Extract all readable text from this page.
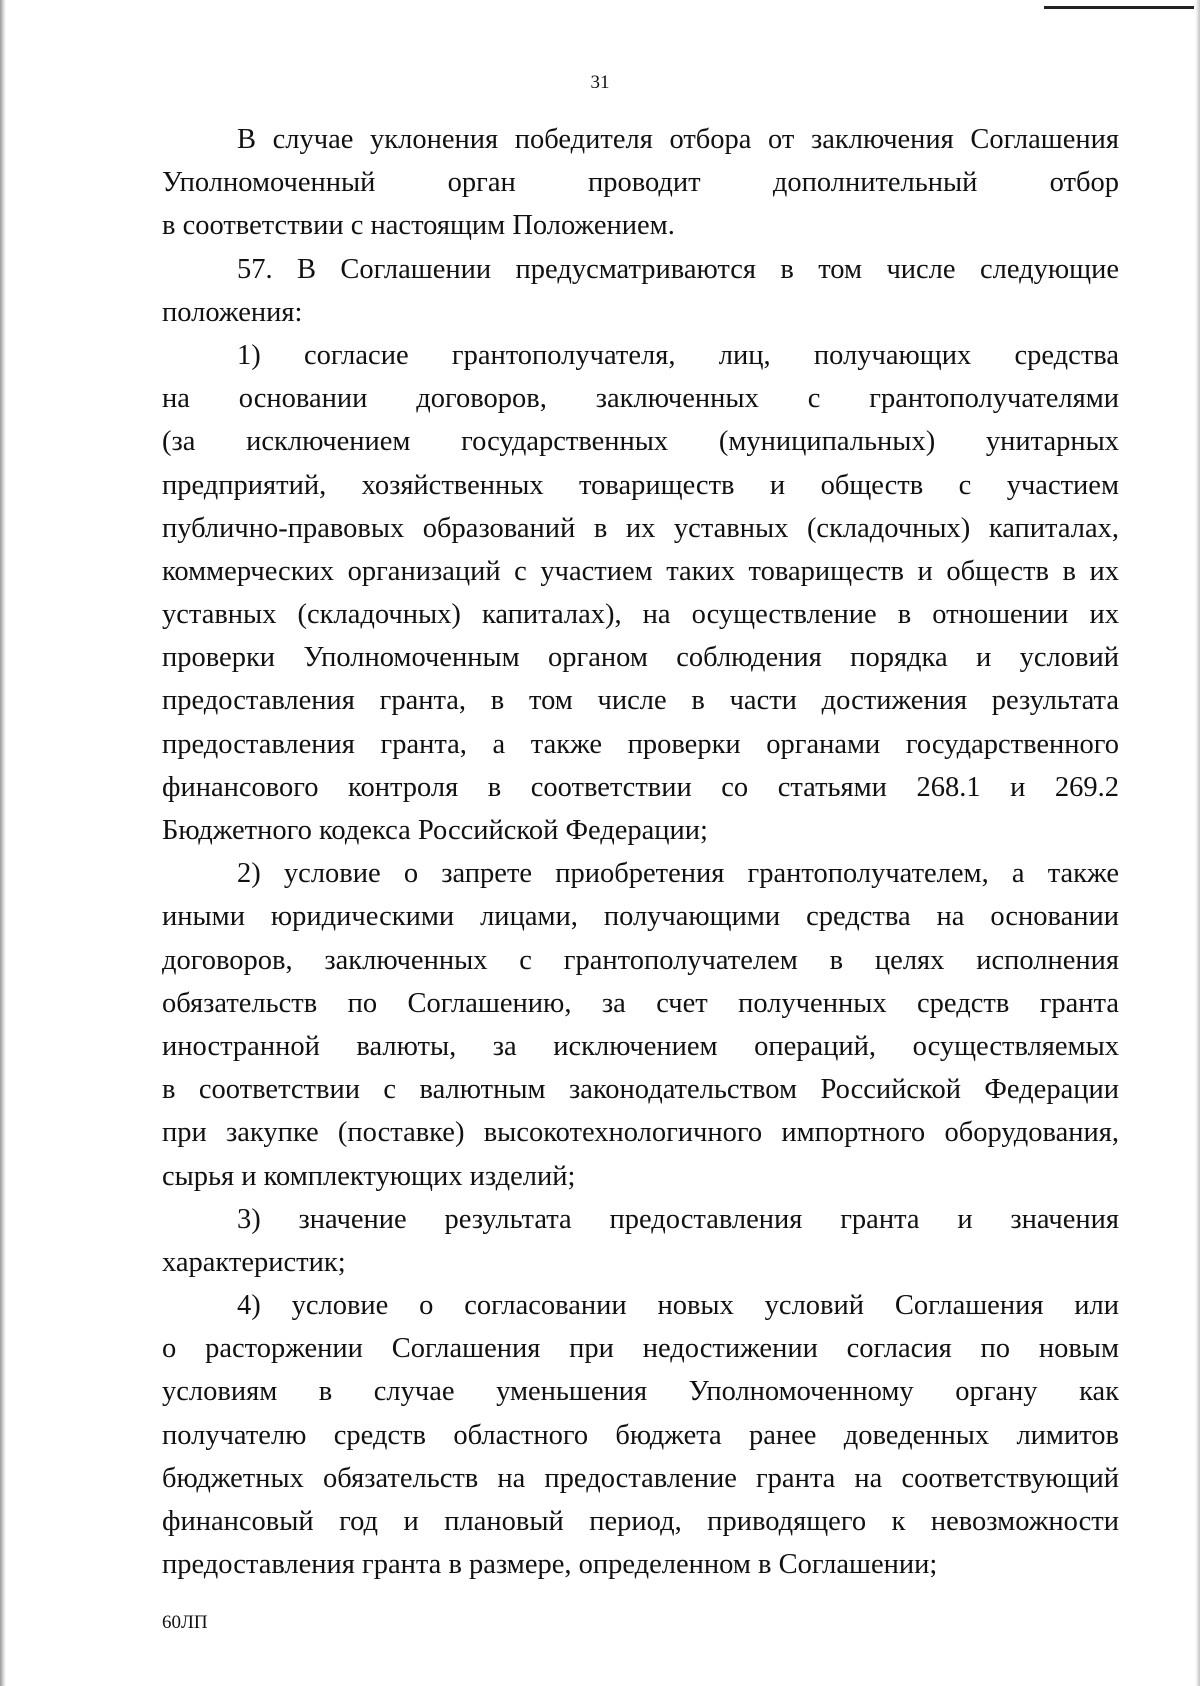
31
В случае уклонения победителя отбора от заключения Соглашения
Уполномоченный орган проводит дополнительный отбор
в соответствии с настоящим Положением.
57. В Соглашении предусматриваются в том числе следующие
положения:
1) согласие грантополучателя, лиц, получающих средства
на основании договоров, заключенных с грантополучателями
(за исключением государственных (муниципальных) унитарных
предприятий, хозяйственных товариществ и обществ с участием
публично-правовых образований в их уставных (складочных) капиталах,
коммерческих организаций с участием таких товариществ и обществ в их
уставных (складочных) капиталах), на осуществление в отношении их
проверки Уполномоченным органом соблюдения порядка и условий
предоставления гранта, в том числе в части достижения результата
предоставления гранта, а также проверки органами государственного
финансового контроля в соответствии со статьями 268.1 и 269.2
Бюджетного кодекса Российской Федерации;
2) условие о запрете приобретения грантополучателем, а также
иными юридическими лицами, получающими средства на основании
договоров, заключенных с грантополучателем в целях исполнения
обязательств по Соглашению, за счет полученных средств гранта
иностранной валюты, за исключением операций, осуществляемых
в соответствии с валютным законодательством Российской Федерации
при закупке (поставке) высокотехнологичного импортного оборудования,
сырья и комплектующих изделий;
3) значение результата предоставления гранта и значения
характеристик;
4) условие о согласовании новых условий Соглашения или
о расторжении Соглашения при недостижении согласия по новым
условиям в случае уменьшения Уполномоченному органу как
получателю средств областного бюджета ранее доведенных лимитов
бюджетных обязательств на предоставление гранта на соответствующий
финансовый год и плановый период, приводящего к невозможности
предоставления гранта в размере, определенном в Соглашении;
60ЛП
